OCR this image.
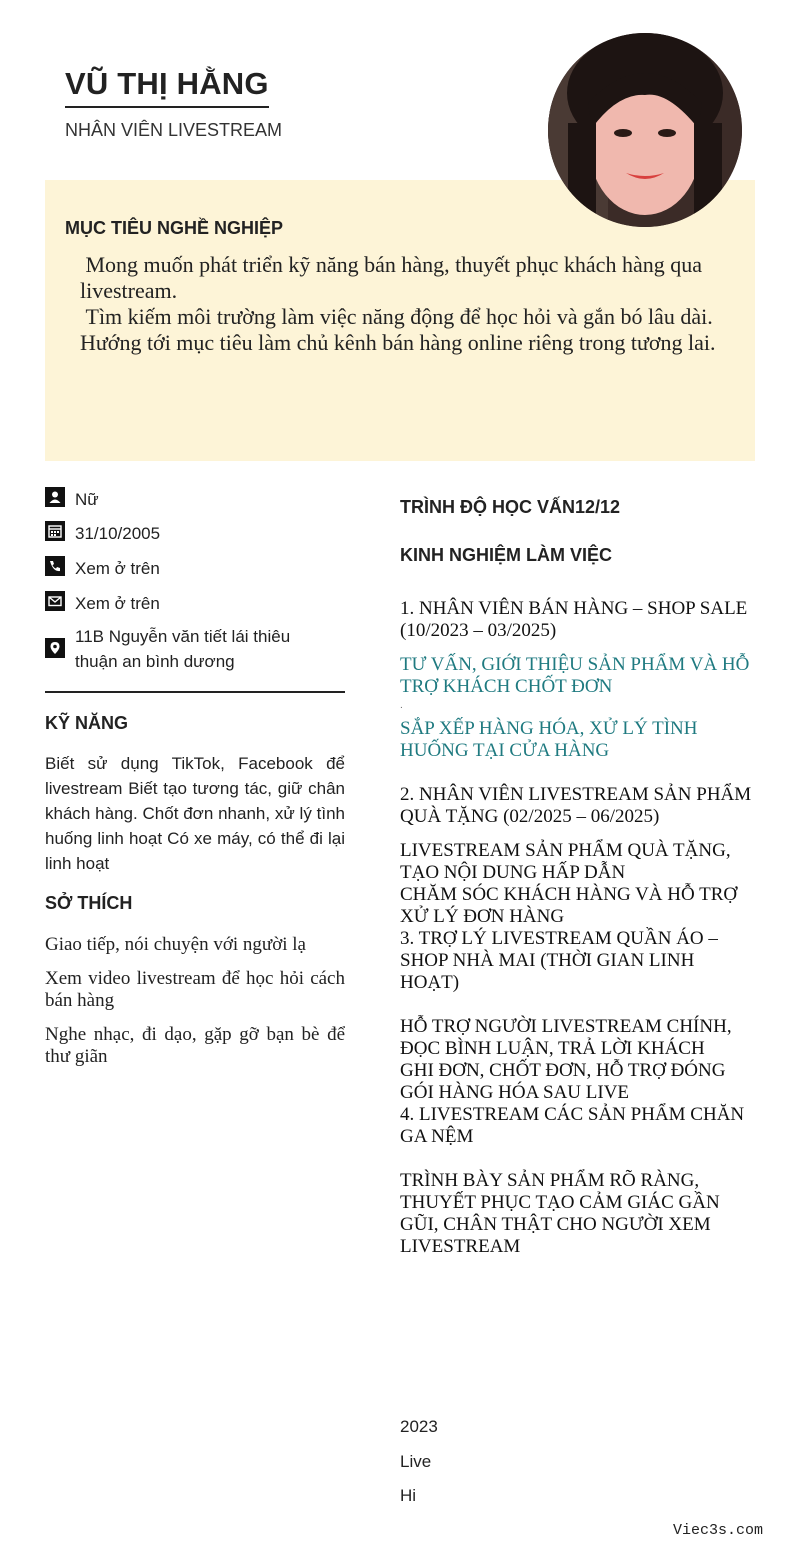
VŨ THỊ HẰNG
NHÂN VIÊN LIVESTREAM
MỤC TIÊU NGHỀ NGHIỆP
Mong muốn phát triển kỹ năng bán hàng, thuyết phục khách hàng qua livestream.
Tìm kiếm môi trường làm việc năng động để học hỏi và gắn bó lâu dài.
Hướng tới mục tiêu làm chủ kênh bán hàng online riêng trong tương lai.
Nữ
31/10/2005
Xem ở trên
Xem ở trên
11B Nguyễn văn tiết lái thiêu thuận an bình dương
KỸ NĂNG
Biết sử dụng TikTok, Facebook để livestream Biết tạo tương tác, giữ chân khách hàng. Chốt đơn nhanh, xử lý tình huống linh hoạt Có xe máy, có thể đi lại linh hoạt
SỞ THÍCH
Giao tiếp, nói chuyện với người lạ
Xem video livestream để học hỏi cách bán hàng
Nghe nhạc, đi dạo, gặp gỡ bạn bè để thư giãn
TRÌNH ĐỘ HỌC VẤN12/12
KINH NGHIỆM LÀM VIỆC
1. NHÂN VIÊN BÁN HÀNG – SHOP SALE (10/2023 – 03/2025)
TƯ VẤN, GIỚI THIỆU SẢN PHẨM VÀ HỖ TRỢ KHÁCH CHỐT ĐƠN
.
SẮP XẾP HÀNG HÓA, XỬ LÝ TÌNH HUỐNG TẠI CỬA HÀNG
2. NHÂN VIÊN LIVESTREAM SẢN PHẨM QUÀ TẶNG (02/2025 – 06/2025)
LIVESTREAM SẢN PHẨM QUÀ TẶNG, TẠO NỘI DUNG HẤP DẪN
CHĂM SÓC KHÁCH HÀNG VÀ HỖ TRỢ XỬ LÝ ĐƠN HÀNG
3. TRỢ LÝ LIVESTREAM QUẦN ÁO – SHOP NHÀ MAI (THỜI GIAN LINH HOẠT)
HỖ TRỢ NGƯỜI LIVESTREAM CHÍNH, ĐỌC BÌNH LUẬN, TRẢ LỜI KHÁCH
GHI ĐƠN, CHỐT ĐƠN, HỖ TRỢ ĐÓNG GÓI HÀNG HÓA SAU LIVE
4. LIVESTREAM CÁC SẢN PHẨM CHĂN GA NỆM
TRÌNH BÀY SẢN PHẨM RÕ RÀNG, THUYẾT PHỤC TẠO CẢM GIÁC GẦN GŨI, CHÂN THẬT CHO NGƯỜI XEM LIVESTREAM
2023
Live
Hi
Viec3s.com
